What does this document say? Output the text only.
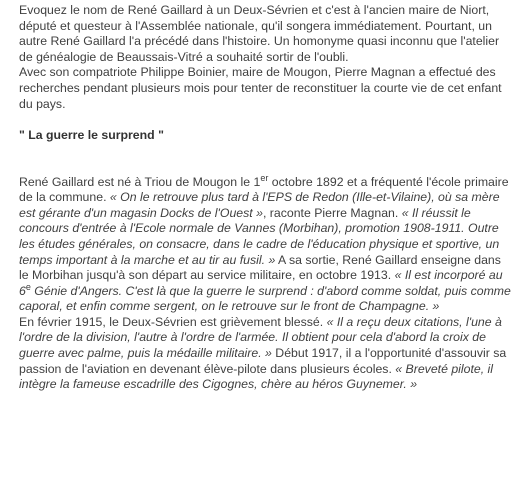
Evoquez le nom de René Gaillard à un Deux-Sévrien et c'est à l'ancien maire de Niort, député et questeur à l'Assemblée nationale, qu'il songera immédiatement. Pourtant, un autre René Gaillard l'a précédé dans l'histoire. Un homonyme quasi inconnu que l'atelier de généalogie de Beaussais-Vitré a souhaité sortir de l'oubli.
Avec son compatriote Philippe Boinier, maire de Mougon, Pierre Magnan a effectué des recherches pendant plusieurs mois pour tenter de reconstituer la courte vie de cet enfant du pays.

" La guerre le surprend "

René Gaillard est né à Triou de Mougon le 1er octobre 1892 et a fréquenté l'école primaire de la commune. « On le retrouve plus tard à l'EPS de Redon (Ille-et-Vilaine), où sa mère est gérante d'un magasin Docks de l'Ouest », raconte Pierre Magnan. « Il réussit le concours d'entrée à l'Ecole normale de Vannes (Morbihan), promotion 1908-1911. Outre les études générales, on consacre, dans le cadre de l'éducation physique et sportive, un temps important à la marche et au tir au fusil. » A sa sortie, René Gaillard enseigne dans le Morbihan jusqu'à son départ au service militaire, en octobre 1913. « Il est incorporé au 6e Génie d'Angers. C'est là que la guerre le surprend : d'abord comme soldat, puis comme caporal, et enfin comme sergent, on le retrouve sur le front de Champagne. »
En février 1915, le Deux-Sévrien est grièvement blessé. « Il a reçu deux citations, l'une à l'ordre de la division, l'autre à l'ordre de l'armée. Il obtient pour cela d'abord la croix de guerre avec palme, puis la médaille militaire. » Début 1917, il a l'opportunité d'assouvir sa passion de l'aviation en devenant élève-pilote dans plusieurs écoles. « Breveté pilote, il intègre la fameuse escadrille des Cigognes, chère au héros Guynemer. »
